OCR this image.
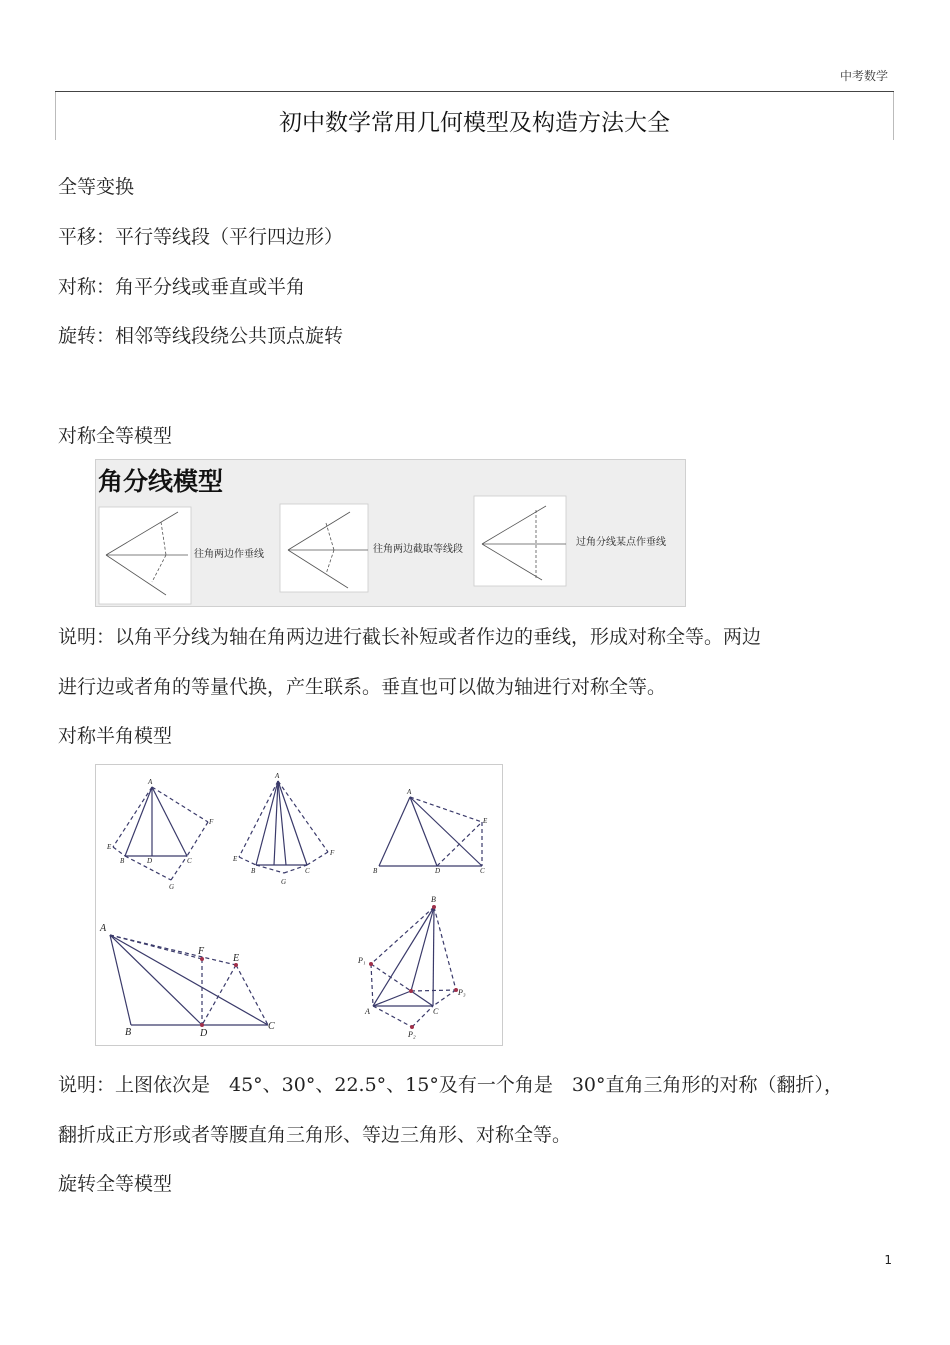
中考数学
初中数学常用几何模型及构造方法大全
全等变换
平移：平行等线段（平行四边形）
对称：角平分线或垂直或半角
旋转：相邻等线段绕公共顶点旋转
对称全等模型
角分线模型
往角两边作垂线	往角两边截取等线段
过角分线某点作垂线
说明：以角平分线为轴在角两边进行截长补短或者作边的垂线，形成对称全等。两边
进行边或者角的等量代换，产生联系。垂直也可以做为轴进行对称全等。
对称半角模型
A
E
B	D	C
F
G
A
E
B	C
F
G
A
B	D	C
E
A
B	D
C
F
E
B
P₁
P₃
P₂
A	C
说明：上图依次是　45°、30°、22.5°、15°及有一个角是　30°直角三角形的对称（翻折），
翻折成正方形或者等腰直角三角形、等边三角形、对称全等。
旋转全等模型
1
